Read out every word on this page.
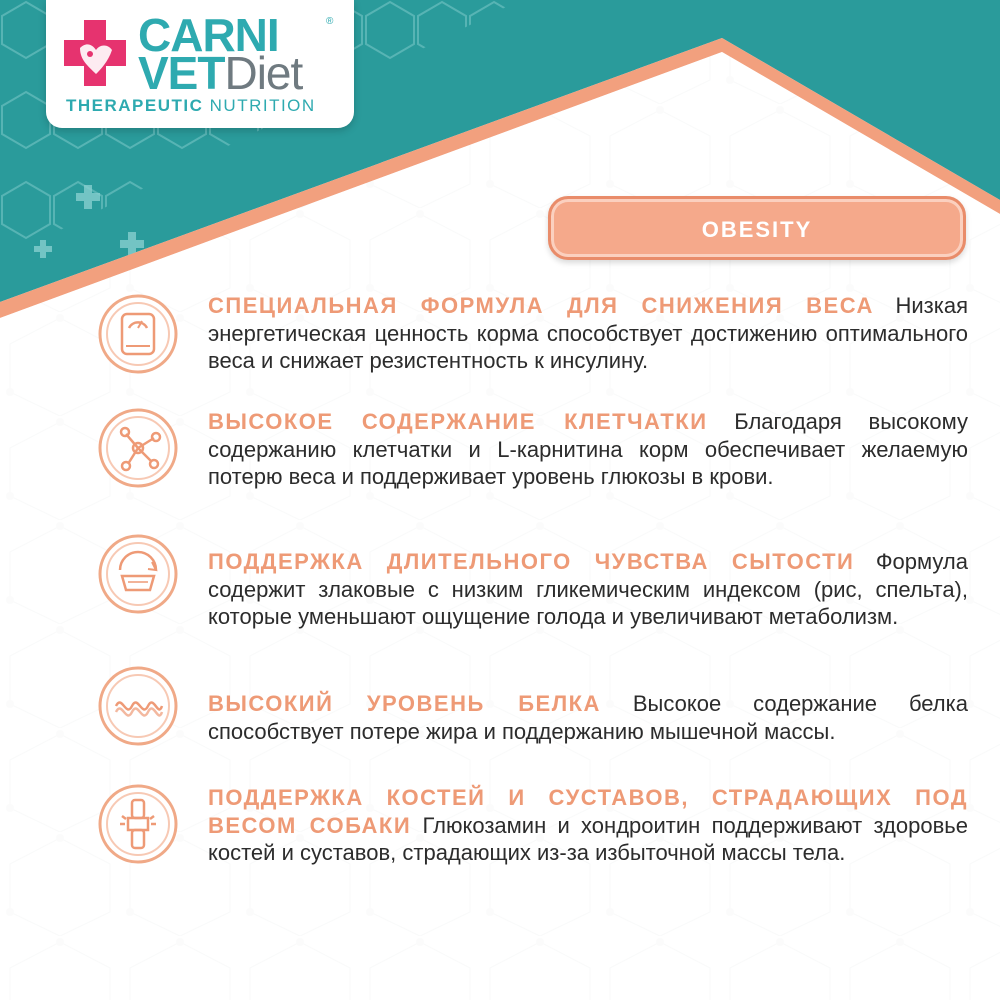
CARNI	®
VETDiet
THERAPEUTIC NUTRITION
OBESITY

СПЕЦИАЛЬНАЯ ФОРМУЛА ДЛЯ СНИЖЕНИЯ ВЕСА Низкая энергетическая ценность корма способствует достижению оптимального веса и снижает резистентность к инсулину.

ВЫСОКОЕ СОДЕРЖАНИЕ КЛЕТЧАТКИ Благодаря высокому содержанию клетчатки и L-карнитина корм обеспечивает желаемую потерю веса и поддерживает уровень глюкозы в крови.

ПОДДЕРЖКА ДЛИТЕЛЬНОГО ЧУВСТВА СЫТОСТИ Формула содержит злаковые с низким гликемическим индексом (рис, спельта), которые уменьшают ощущение голода и увеличивают метаболизм.

ВЫСОКИЙ УРОВЕНЬ БЕЛКА Высокое содержание белка способствует потере жира и поддержанию мышечной массы.

ПОДДЕРЖКА КОСТЕЙ И СУСТАВОВ, СТРАДАЮЩИХ ПОД ВЕСОМ СОБАКИ Глюкозамин и хондроитин поддерживают здоровье костей и суставов, страдающих из-за избыточной массы тела.
